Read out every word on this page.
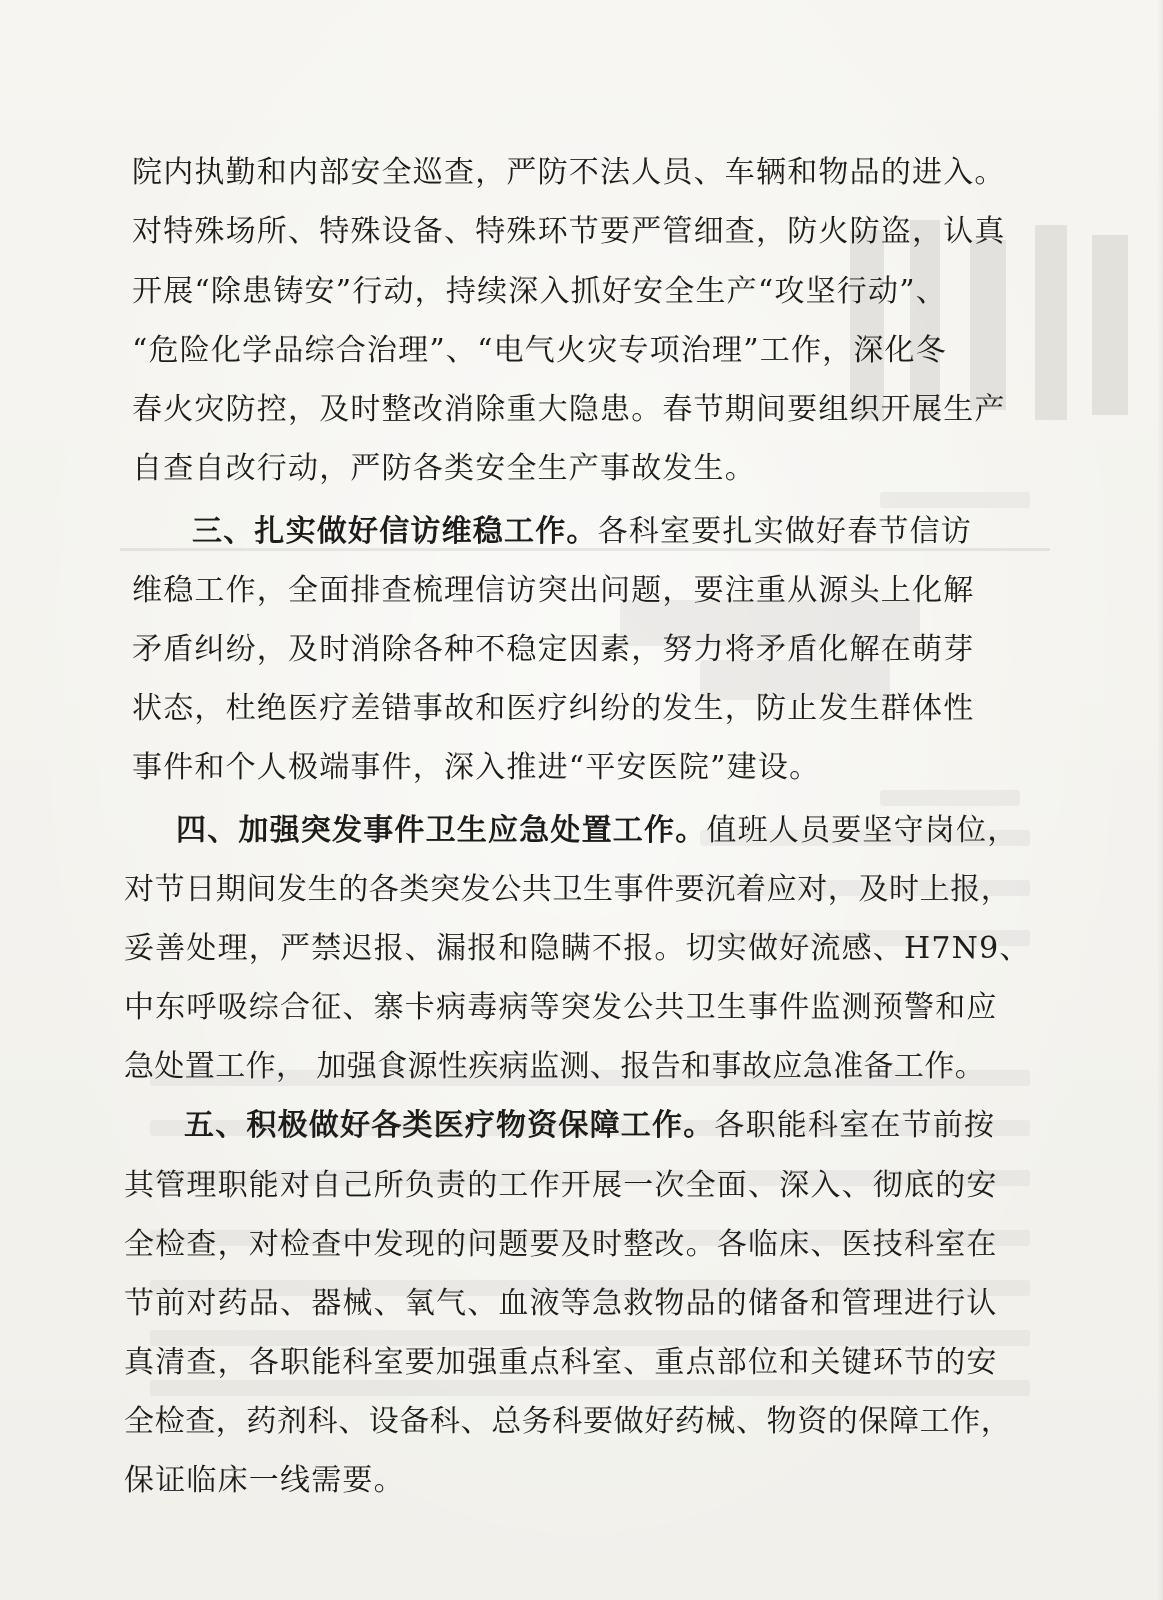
院内执勤和内部安全巡查，严防不法人员、车辆和物品的进入。
对特殊场所、特殊设备、特殊环节要严管细查，防火防盗，认真
开展“除患铸安”行动，持续深入抓好安全生产“攻坚行动”、
“危险化学品综合治理”、“电气火灾专项治理”工作，深化冬
春火灾防控，及时整改消除重大隐患。春节期间要组织开展生产
自查自改行动，严防各类安全生产事故发生。
三、扎实做好信访维稳工作。各科室要扎实做好春节信访
维稳工作，全面排查梳理信访突出问题，要注重从源头上化解
矛盾纠纷，及时消除各种不稳定因素，努力将矛盾化解在萌芽
状态，杜绝医疗差错事故和医疗纠纷的发生，防止发生群体性
事件和个人极端事件，深入推进“平安医院”建设。
四、加强突发事件卫生应急处置工作。值班人员要坚守岗位，
对节日期间发生的各类突发公共卫生事件要沉着应对，及时上报，
妥善处理，严禁迟报、漏报和隐瞒不报。切实做好流感、H7N9、
中东呼吸综合征、寨卡病毒病等突发公共卫生事件监测预警和应
急处置工作， 加强食源性疾病监测、报告和事故应急准备工作。
五、积极做好各类医疗物资保障工作。各职能科室在节前按
其管理职能对自己所负责的工作开展一次全面、深入、彻底的安
全检查，对检查中发现的问题要及时整改。各临床、医技科室在
节前对药品、器械、氧气、血液等急救物品的储备和管理进行认
真清查，各职能科室要加强重点科室、重点部位和关键环节的安
全检查，药剂科、设备科、总务科要做好药械、物资的保障工作，
保证临床一线需要。
